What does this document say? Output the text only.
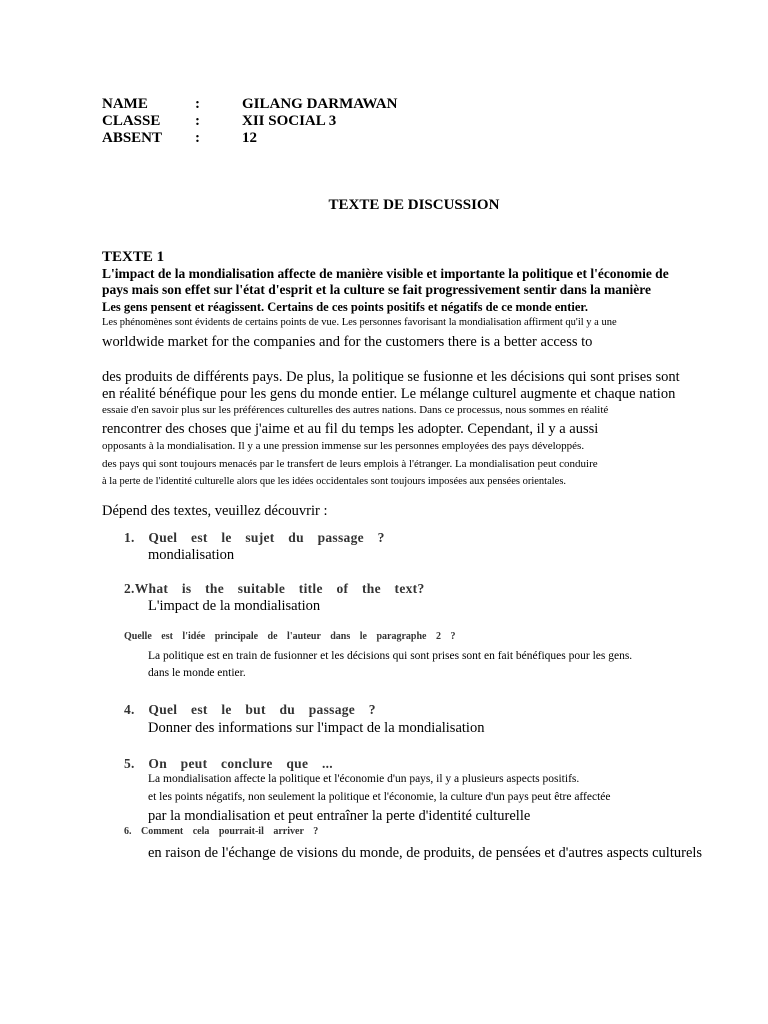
NAME	:	GILANG DARMAWAN
CLASSE :	XII SOCIAL 3
ABSENT :	12
TEXTE DE DISCUSSION
TEXTE 1
L'impact de la mondialisation affecte de manière visible et importante la politique et l'économie de
pays mais son effet sur l'état d'esprit et la culture se fait progressivement sentir dans la manière
Les gens pensent et réagissent. Certains de ces points positifs et négatifs de ce monde entier.
Les phénomènes sont évidents de certains points de vue. Les personnes favorisant la mondialisation affirment qu'il y a une
worldwide market for the companies and for the customers there is a better access to
des produits de différents pays. De plus, la politique se fusionne et les décisions qui sont prises sont
en réalité bénéfique pour les gens du monde entier. Le mélange culturel augmente et chaque nation
essaie d'en savoir plus sur les préférences culturelles des autres nations. Dans ce processus, nous sommes en réalité
rencontrer des choses que j'aime et au fil du temps les adopter. Cependant, il y a aussi
opposants à la mondialisation. Il y a une pression immense sur les personnes employées des pays développés.
des pays qui sont toujours menacés par le transfert de leurs emplois à l'étranger. La mondialisation peut conduire
à la perte de l'identité culturelle alors que les idées occidentales sont toujours imposées aux pensées orientales.
Dépend des textes, veuillez découvrir :
1. Quel est le sujet du passage ?
mondialisation
2.What is the suitable title of the text?
L'impact de la mondialisation
Quelle est l'idée principale de l'auteur dans le paragraphe 2 ?
La politique est en train de fusionner et les décisions qui sont prises sont en fait bénéfiques pour les gens.
dans le monde entier.
4. Quel est le but du passage ?
Donner des informations sur l'impact de la mondialisation
5. On peut conclure que ...
La mondialisation affecte la politique et l'économie d'un pays, il y a plusieurs aspects positifs.
et les points négatifs, non seulement la politique et l'économie, la culture d'un pays peut être affectée
par la mondialisation et peut entraîner la perte d'identité culturelle
6. Comment cela pourrait-il arriver ?
en raison de l'échange de visions du monde, de produits, de pensées et d'autres aspects culturels
